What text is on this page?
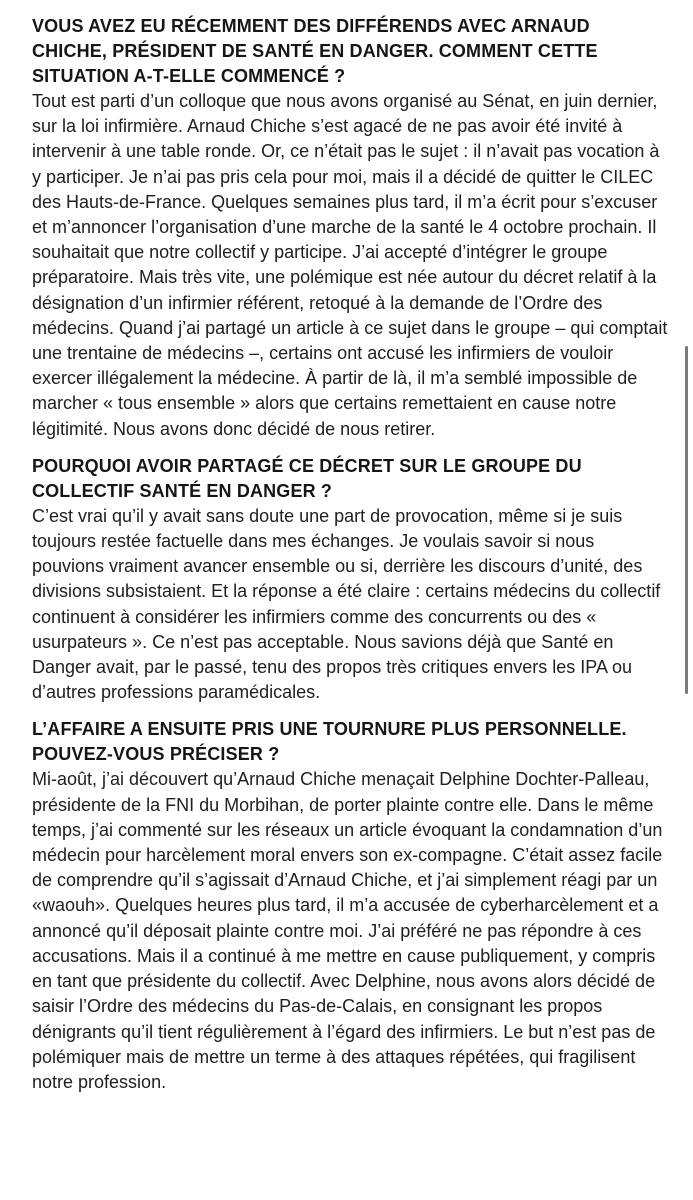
VOUS AVEZ EU RÉCEMMENT DES DIFFÉRENDS AVEC ARNAUD CHICHE, PRÉSIDENT DE SANTÉ EN DANGER. COMMENT CETTE SITUATION A-T-ELLE COMMENCÉ ?

Tout est parti d’un colloque que nous avons organisé au Sénat, en juin dernier, sur la loi infirmière. Arnaud Chiche s’est agacé de ne pas avoir été invité à intervenir à une table ronde. Or, ce n’était pas le sujet : il n’avait pas vocation à y participer. Je n’ai pas pris cela pour moi, mais il a décidé de quitter le CILEC des Hauts-de-France. Quelques semaines plus tard, il m’a écrit pour s’excuser et m’annoncer l’organisation d’une marche de la santé le 4 octobre prochain. Il souhaitait que notre collectif y participe. J’ai accepté d’intégrer le groupe préparatoire. Mais très vite, une polémique est née autour du décret relatif à la désignation d’un infirmier référent, retoqué à la demande de l’Ordre des médecins. Quand j’ai partagé un article à ce sujet dans le groupe – qui comptait une trentaine de médecins –, certains ont accusé les infirmiers de vouloir exercer illégalement la médecine. À partir de là, il m’a semblé impossible de marcher « tous ensemble » alors que certains remettaient en cause notre légitimité. Nous avons donc décidé de nous retirer.

POURQUOI AVOIR PARTAGÉ CE DÉCRET SUR LE GROUPE DU COLLECTIF SANTÉ EN DANGER ?

C’est vrai qu’il y avait sans doute une part de provocation, même si je suis toujours restée factuelle dans mes échanges. Je voulais savoir si nous pouvions vraiment avancer ensemble ou si, derrière les discours d’unité, des divisions subsistaient. Et la réponse a été claire : certains médecins du collectif continuent à considérer les infirmiers comme des concurrents ou des « usurpateurs ». Ce n’est pas acceptable. Nous savions déjà que Santé en Danger avait, par le passé, tenu des propos très critiques envers les IPA ou d’autres professions paramédicales.

L’AFFAIRE A ENSUITE PRIS UNE TOURNURE PLUS PERSONNELLE. POUVEZ-VOUS PRÉCISER ?

Mi-août, j’ai découvert qu’Arnaud Chiche menaçait Delphine Dochter-Palleau, présidente de la FNI du Morbihan, de porter plainte contre elle. Dans le même temps, j’ai commenté sur les réseaux un article évoquant la condamnation d’un médecin pour harcèlement moral envers son ex-compagne. C’était assez facile de comprendre qu’il s’agissait d’Arnaud Chiche, et j’ai simplement réagi par un «waouh». Quelques heures plus tard, il m’a accusée de cyberharcèlement et a annoncé qu’il déposait plainte contre moi. J’ai préféré ne pas répondre à ces accusations. Mais il a continué à me mettre en cause publiquement, y compris en tant que présidente du collectif. Avec Delphine, nous avons alors décidé de saisir l’Ordre des médecins du Pas-de-Calais, en consignant les propos dénigrants qu’il tient régulièrement à l’égard des infirmiers. Le but n’est pas de polémiquer mais de mettre un terme à des attaques répétées, qui fragilisent notre profession.
